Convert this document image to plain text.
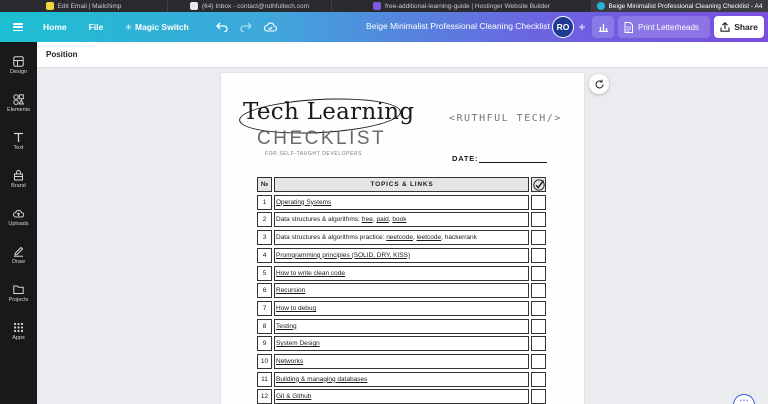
Edit Email | Mailchimp	(64) Inbox - contact@ruthfultech.com	free-additional-learning-guide | Hostinger Website Builder	Beige Minimalist Professional Cleaning Checklist - A4
Home	File	✳ Magic Switch	Beige Minimalist Professional Cleaning Checklist RO +	Print Letterheads	Share
Design
Elements
Text
Brand
Uploads
Draw
Projects
Apps
Position
Tech Learning
CHECKLIST
FOR SELF-TAUGHT DEVELOPERS
<RUTHFUL TECH/>
DATE:
№	TOPICS & LINKS
1	Operating Systems
2	Data structures & algorithms: free , paid , book
3	Data structures & algorithms practice: neetcode , leetcode , hackerrank
4	Promgramming principles (SOLID, DRY, KISS)
5	How to write clean code
6	Recursion
7	How to debug
8	Testing
9	System Design
10	Networks
11	Building & managing databases
12	Git & Github
• • •
